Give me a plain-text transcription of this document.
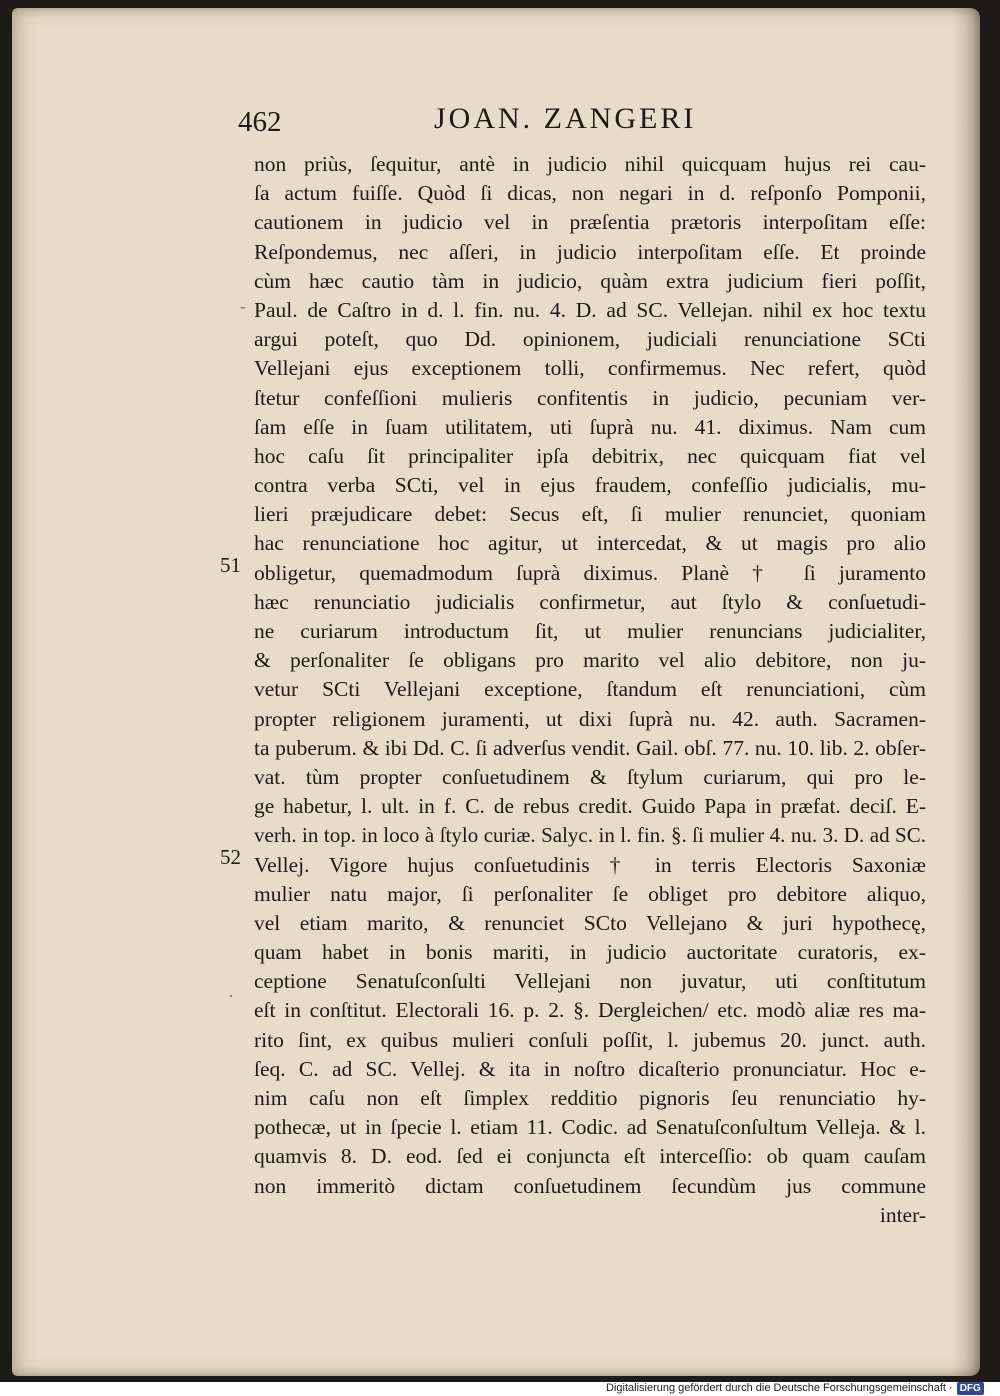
462	JOAN. ZANGERI
-
51
52
·
non priùs, ſequitur, antè in judicio nihil quicquam hujus rei cau-
ſa actum fuiſſe. Quòd ſi dicas, non negari in d. reſponſo Pomponii,
cautionem in judicio vel in præſentia prætoris interpoſitam eſſe:
Reſpondemus, nec aſſeri, in judicio interpoſitam eſſe. Et proinde
cùm hæc cautio tàm in judicio, quàm extra judicium fieri poſſit,
Paul. de Caſtro in d. l. fin. nu. 4. D. ad SC. Vellejan. nihil ex hoc textu
argui poteſt, quo Dd. opinionem, judiciali renunciatione SCti
Vellejani ejus exceptionem tolli, confirmemus. Nec refert, quòd
ſtetur confeſſioni mulieris confitentis in judicio, pecuniam ver-
ſam eſſe in ſuam utilitatem, uti ſuprà nu. 41. diximus. Nam cum
hoc caſu ſit principaliter ipſa debitrix, nec quicquam fiat vel
contra verba SCti, vel in ejus fraudem, confeſſio judicialis, mu-
lieri præjudicare debet: Secus eſt, ſi mulier renunciet, quoniam
hac renunciatione hoc agitur, ut intercedat, & ut magis pro alio
obligetur, quemadmodum ſuprà diximus. Planè † ſi juramento
hæc renunciatio judicialis confirmetur, aut ſtylo & conſuetudi-
ne curiarum introductum ſit, ut mulier renuncians judicialiter,
& perſonaliter ſe obligans pro marito vel alio debitore, non ju-
vetur SCti Vellejani exceptione, ſtandum eſt renunciationi, cùm
propter religionem juramenti, ut dixi ſuprà nu. 42. auth. Sacramen-
ta puberum. & ibi Dd. C. ſi adverſus vendit. Gail. obſ. 77. nu. 10. lib. 2. obſer-
vat. tùm propter conſuetudinem & ſtylum curiarum, qui pro le-
ge habetur, l. ult. in f. C. de rebus credit. Guido Papa in præfat. deciſ. E-
verh. in top. in loco à ſtylo curiæ. Salyc. in l. fin. §. ſi mulier 4. nu. 3. D. ad SC.
Vellej. Vigore hujus conſuetudinis † in terris Electoris Saxoniæ
mulier natu major, ſi perſonaliter ſe obliget pro debitore aliquo,
vel etiam marito, & renunciet SCto Vellejano & juri hypothecę,
quam habet in bonis mariti, in judicio auctoritate curatoris, ex-
ceptione Senatuſconſulti Vellejani non juvatur, uti conſtitutum
eſt in conſtitut. Electorali 16. p. 2. §. Dergleichen/ etc. modò aliæ res ma-
rito ſint, ex quibus mulieri conſuli poſſit, l. jubemus 20. junct. auth.
ſeq. C. ad SC. Vellej. & ita in noſtro dicaſterio pronunciatur. Hoc e-
nim caſu non eſt ſimplex redditio pignoris ſeu renunciatio hy-
pothecæ, ut in ſpecie l. etiam 11. Codic. ad Senatuſconſultum Velleja. & l.
quamvis 8. D. eod. ſed ei conjuncta eſt interceſſio: ob quam cauſam
non immeritò dictam conſuetudinem ſecundùm jus commune
inter-
Digitalisierung gefördert durch die Deutsche Forschungsgemeinschaft · DFG
